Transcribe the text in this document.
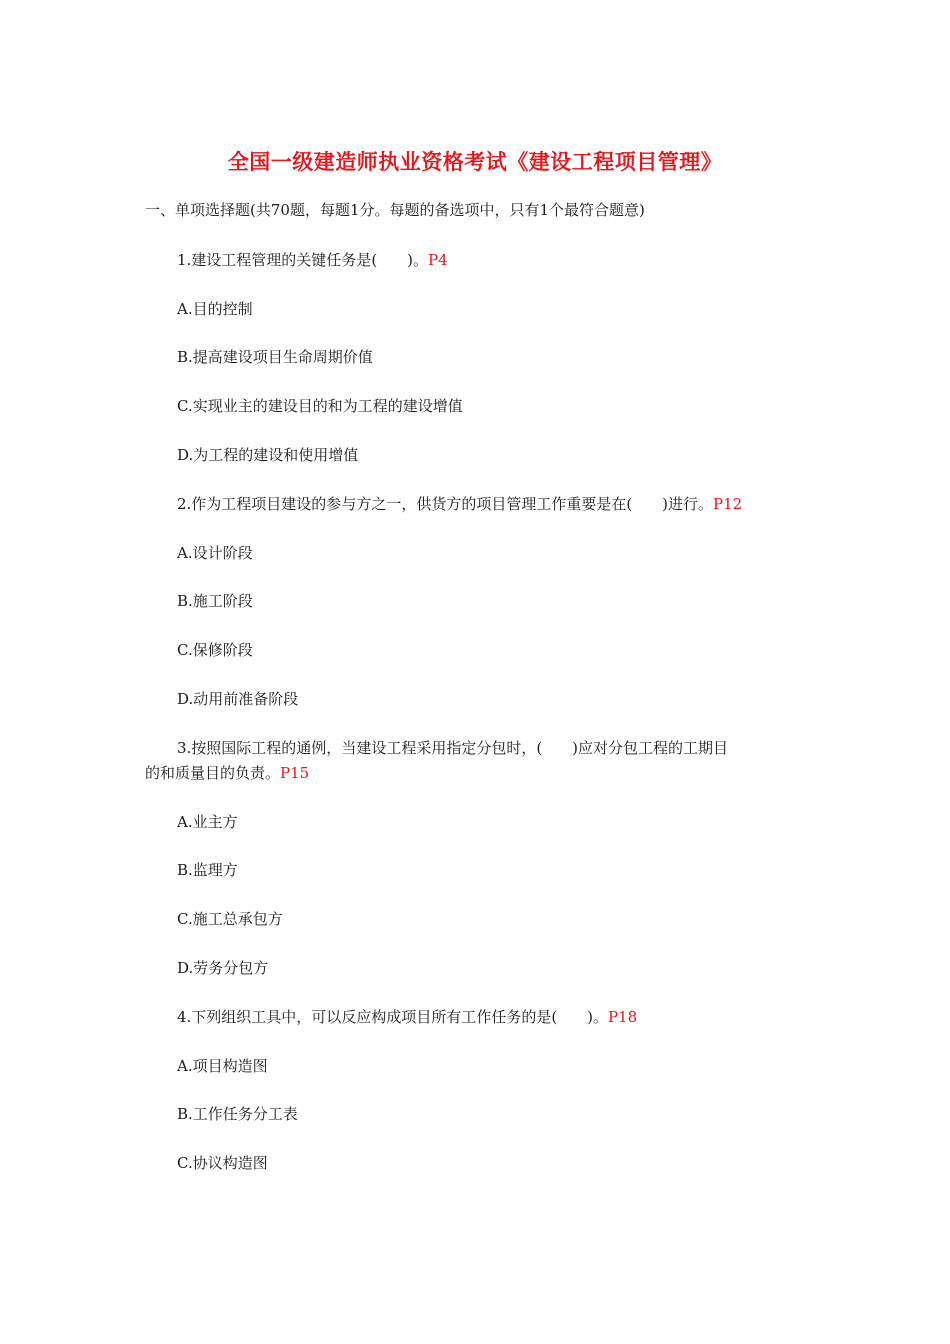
全国一级建造师执业资格考试《建设工程项目管理》
一、单项选择题(共70题，每题1分。每题的备选项中，只有1个最符合题意)
1.建设工程管理的关键任务是(　　)。P4
A.目的控制
B.提高建设项目生命周期价值
C.实现业主的建设目的和为工程的建设增值
D.为工程的建设和使用增值
2.作为工程项目建设的参与方之一，供货方的项目管理工作重要是在(　　)进行。P12
A.设计阶段
B.施工阶段
C.保修阶段
D.动用前准备阶段
3.按照国际工程的通例，当建设工程采用指定分包时，(　　)应对分包工程的工期目
的和质量目的负责。P15
A.业主方
B.监理方
C.施工总承包方
D.劳务分包方
4.下列组织工具中，可以反应构成项目所有工作任务的是(　　)。P18
A.项目构造图
B.工作任务分工表
C.协议构造图
